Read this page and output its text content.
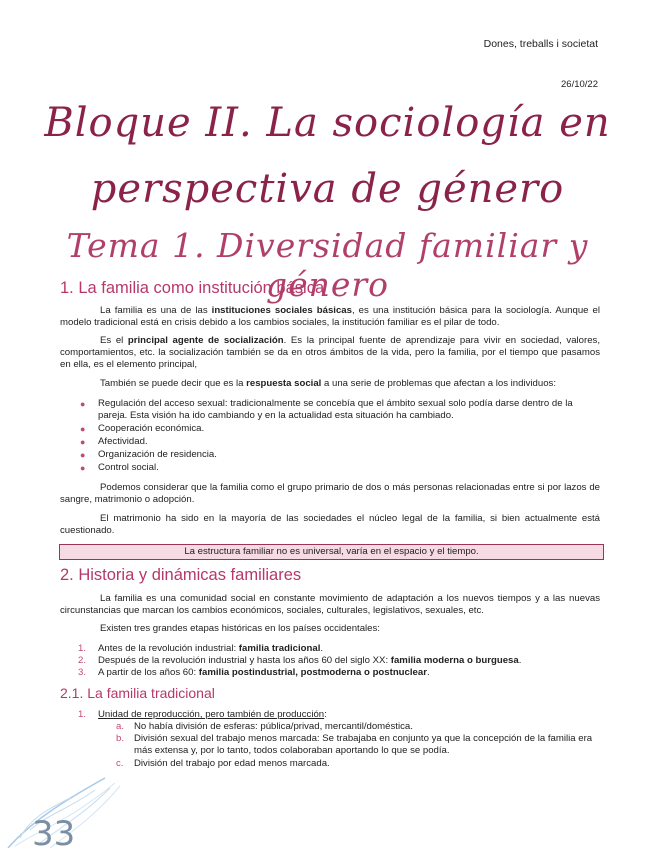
Dones, treballs i societat
26/10/22
Bloque II. La sociología en
perspectiva de género
Tema 1. Diversidad familiar y género
1. La familia como institución básica
La familia es una de las instituciones sociales básicas, es una institución básica para la sociología. Aunque el modelo tradicional está en crisis debido a los cambios sociales, la institución familiar es el pilar de todo.
Es el principal agente de socialización. Es la principal fuente de aprendizaje para vivir en sociedad, valores, comportamientos, etc. la socialización también se da en otros ámbitos de la vida, pero la familia, por el tiempo que pasamos en ella, es el elemento principal,
También se puede decir que es la respuesta social a una serie de problemas que afectan a los individuos:
● Regulación del acceso sexual: tradicionalmente se concebía que el ámbito sexual solo podía darse dentro de la pareja. Esta visión ha ido cambiando y en la actualidad esta situación ha cambiado.
● Cooperación económica.
● Afectividad.
● Organización de residencia.
● Control social.
Podemos considerar que la familia como el grupo primario de dos o más personas relacionadas entre si por lazos de sangre, matrimonio o adopción.
El matrimonio ha sido en la mayoría de las sociedades el núcleo legal de la familia, si bien actualmente está cuestionado.
La estructura familiar no es universal, varía en el espacio y el tiempo.
2. Historia y dinámicas familiares
La familia es una comunidad social en constante movimiento de adaptación a los nuevos tiempos y a las nuevas circunstancias que marcan los cambios económicos, sociales, culturales, legislativos, sexuales, etc.
Existen tres grandes etapas históricas en los países occidentales:
1. Antes de la revolución industrial: familia tradicional.
2. Después de la revolución industrial y hasta los años 60 del siglo XX: familia moderna o burguesa.
3. A partir de los años 60: familia postindustrial, postmoderna o postnuclear.
2.1. La familia tradicional
1. Unidad de reproducción, pero también de producción:
a. No había división de esferas: pública/privad, mercantil/doméstica.
b. División sexual del trabajo menos marcada: Se trabajaba en conjunto ya que la concepción de la familia era más extensa y, por lo tanto, todos colaboraban aportando lo que se podía.
c. División del trabajo por edad menos marcada.
33
